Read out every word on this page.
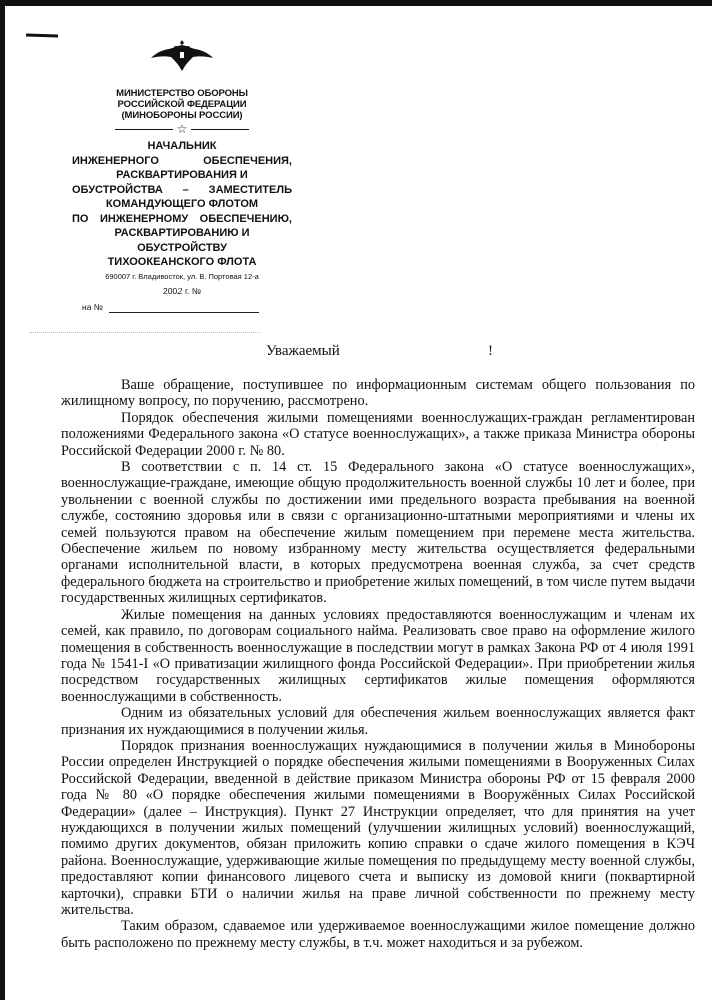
МИНИСТЕРСТВО ОБОРОНЫ
РОССИЙСКОЙ ФЕДЕРАЦИИ
(МИНОБОРОНЫ РОССИИ)
☆
НАЧАЛЬНИК
ИНЖЕНЕРНОГО ОБЕСПЕЧЕНИЯ,
РАСКВАРТИРОВАНИЯ И
ОБУСТРОЙСТВА – ЗАМЕСТИТЕЛЬ
КОМАНДУЮЩЕГО ФЛОТОМ
ПО ИНЖЕНЕРНОМУ ОБЕСПЕЧЕНИЮ,
РАСКВАРТИРОВАНИЮ И
ОБУСТРОЙСТВУ
ТИХООКЕАНСКОГО ФЛОТА
690007 г. Владивосток, ул. В. Портовая 12-а
2002 г. №
на №
Уважаемый	!

Ваше обращение, поступившее по информационным системам общего пользования по жилищному вопросу, по поручению, рассмотрено.

Порядок обеспечения жилыми помещениями военнослужащих-граждан регламентирован положениями Федерального закона «О статусе военнослужащих», а также приказа Министра обороны Российской Федерации 2000 г. № 80.

В соответствии с п. 14 ст. 15 Федерального закона «О статусе военнослужащих», военнослужащие-граждане, имеющие общую продолжительность военной службы 10 лет и более, при увольнении с военной службы по достижении ими предельного возраста пребывания на военной службе, состоянию здоровья или в связи с организационно-штатными мероприятиями и члены их семей пользуются правом на обеспечение жилым помещением при перемене места жительства. Обеспечение жильем по новому избранному месту жительства осуществляется федеральными органами исполнительной власти, в которых предусмотрена военная служба, за счет средств федерального бюджета на строительство и приобретение жилых помещений, в том числе путем выдачи государственных жилищных сертификатов.

Жилые помещения на данных условиях предоставляются военнослужащим и членам их семей, как правило, по договорам социального найма. Реализовать свое право на оформление жилого помещения в собственность военнослужащие в последствии могут в рамках Закона РФ от 4 июля 1991 года № 1541-I «О приватизации жилищного фонда Российской Федерации». При приобретении жилья посредством государственных жилищных сертификатов жилые помещения оформляются военнослужащими в собственность.

Одним из обязательных условий для обеспечения жильем военнослужащих является факт признания их нуждающимися в получении жилья.

Порядок признания военнослужащих нуждающимися в получении жилья в Минобороны России определен Инструкцией о порядке обеспечения жилыми помещениями в Вооруженных Силах Российской Федерации, введенной в действие приказом Министра обороны РФ от 15 февраля 2000 года № 80 «О порядке обеспечения жилыми помещениями в Вооружённых Силах Российской Федерации» (далее – Инструкция). Пункт 27 Инструкции определяет, что для принятия на учет нуждающихся в получении жилых помещений (улучшении жилищных условий) военнослужащий, помимо других документов, обязан приложить копию справки о сдаче жилого помещения в КЭЧ района. Военнослужащие, удерживающие жилые помещения по предыдущему месту военной службы, предоставляют копии финансового лицевого счета и выписку из домовой книги (поквартирной карточки), справки БТИ о наличии жилья на праве личной собственности по прежнему месту жительства.

Таким образом, сдаваемое или удерживаемое военнослужащими жилое помещение должно быть расположено по прежнему месту службы, в т.ч. может находиться и за рубежом.
